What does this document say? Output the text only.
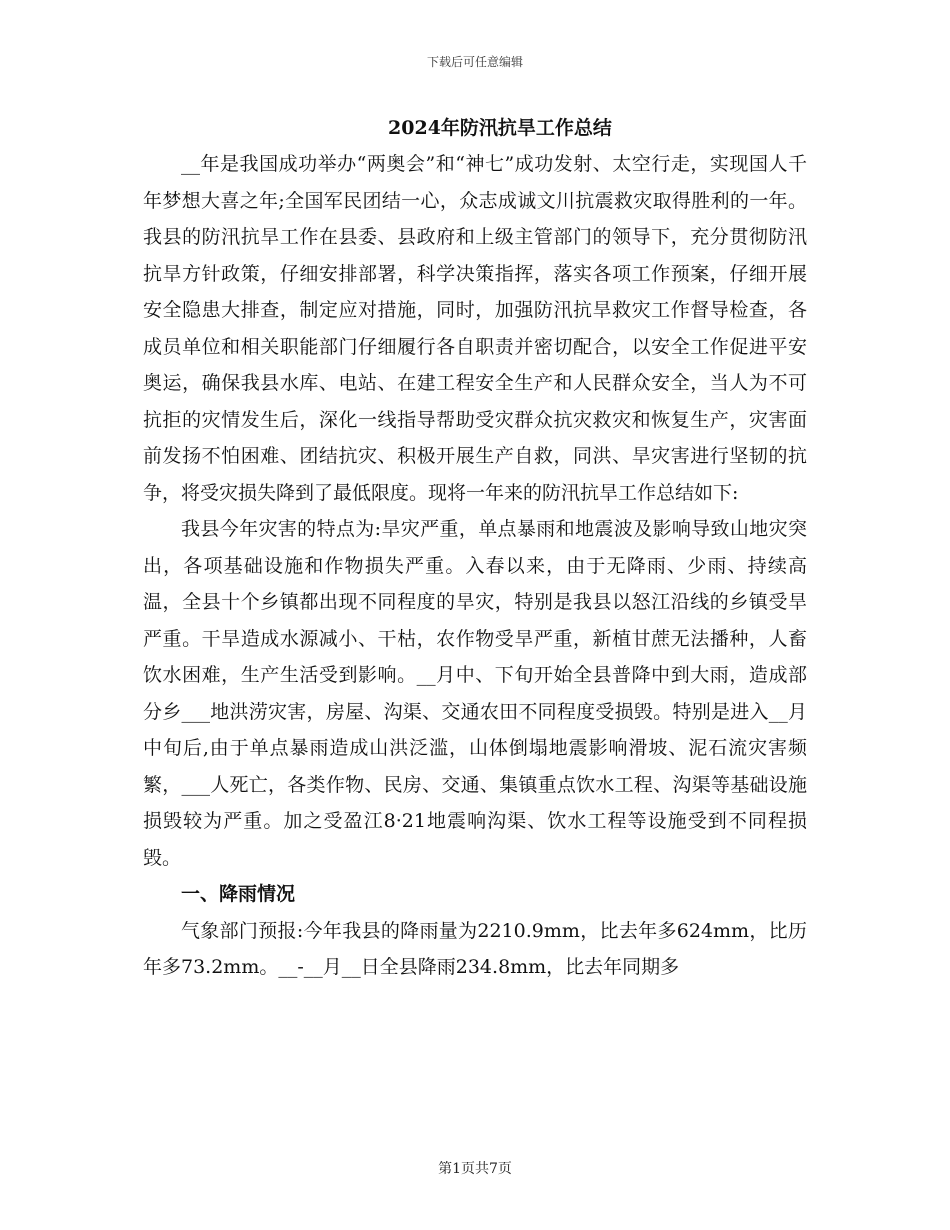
下载后可任意编辑
2024年防汛抗旱工作总结

__年是我国成功举办“两奥会”和“神七”成功发射、太空行走，实现国人千年梦想大喜之年;全国军民团结一心，众志成诚文川抗震救灾取得胜利的一年。我县的防汛抗旱工作在县委、县政府和上级主管部门的领导下，充分贯彻防汛抗旱方针政策，仔细安排部署，科学决策指挥，落实各项工作预案，仔细开展安全隐患大排查，制定应对措施，同时，加强防汛抗旱救灾工作督导检查，各成员单位和相关职能部门仔细履行各自职责并密切配合，以安全工作促进平安奥运，确保我县水库、电站、在建工程安全生产和人民群众安全，当人为不可抗拒的灾情发生后，深化一线指导帮助受灾群众抗灾救灾和恢复生产，灾害面前发扬不怕困难、团结抗灾、积极开展生产自救，同洪、旱灾害进行坚韧的抗争，将受灾损失降到了最低限度。现将一年来的防汛抗旱工作总结如下:

我县今年灾害的特点为:旱灾严重，单点暴雨和地震波及影响导致山地灾突出，各项基础设施和作物损失严重。入春以来，由于无降雨、少雨、持续高温，全县十个乡镇都出现不同程度的旱灾，特别是我县以怒江沿线的乡镇受旱严重。干旱造成水源减小、干枯，农作物受旱严重，新植甘蔗无法播种，人畜饮水困难，生产生活受到影响。__月中、下旬开始全县普降中到大雨，造成部分乡___地洪涝灾害，房屋、沟渠、交通农田不同程度受损毁。特别是进入__月中旬后,由于单点暴雨造成山洪泛滥，山体倒塌地震影响滑坡、泥石流灾害频繁，___人死亡，各类作物、民房、交通、集镇重点饮水工程、沟渠等基础设施损毁较为严重。加之受盈江8·21地震响沟渠、饮水工程等设施受到不同程损毁。

一、降雨情况

气象部门预报:今年我县的降雨量为2210.9mm，比去年多624mm，比历年多73.2mm。__-__月__日全县降雨234.8mm，比去年同期多

第1页共7页
